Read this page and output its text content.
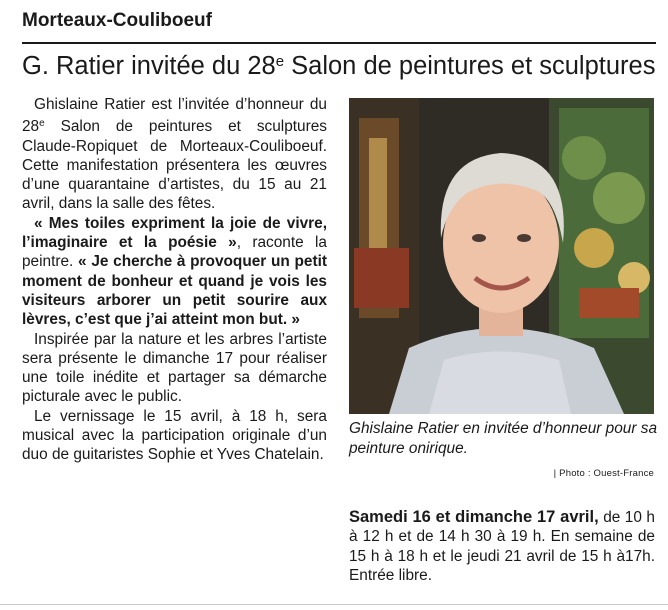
Morteaux-Couliboeuf
G. Ratier invitée du 28e Salon de peintures et sculptures

Ghislaine Ratier est l’invitée d’honneur du 28e Salon de peintures et sculptures Claude-Ropiquet de Morteaux-Couliboeuf. Cette manifestation présentera les œuvres d’une quarantaine d’artistes, du 15 au 21 avril, dans la salle des fêtes.

« Mes toiles expriment la joie de vivre, l’imaginaire et la poésie », raconte la peintre. « Je cherche à provoquer un petit moment de bonheur et quand je vois les visiteurs arborer un petit sourire aux lèvres, c’est que j’ai atteint mon but. »

Inspirée par la nature et les arbres l’artiste sera présente le dimanche 17 pour réaliser une toile inédite et partager sa démarche picturale avec le public.

Le vernissage le 15 avril, à 18 h, sera musical avec la participation originale d’un duo de guitaristes Sophie et Yves Chatelain.

Ghislaine Ratier en invitée d’honneur pour sa peinture onirique.
| Photo : Ouest-France
Samedi 16 et dimanche 17 avril, de 10 h à 12 h et de 14 h 30 à 19 h. En semaine de 15 h à 18 h et le jeudi 21 avril de 15 h à17h. Entrée libre.
